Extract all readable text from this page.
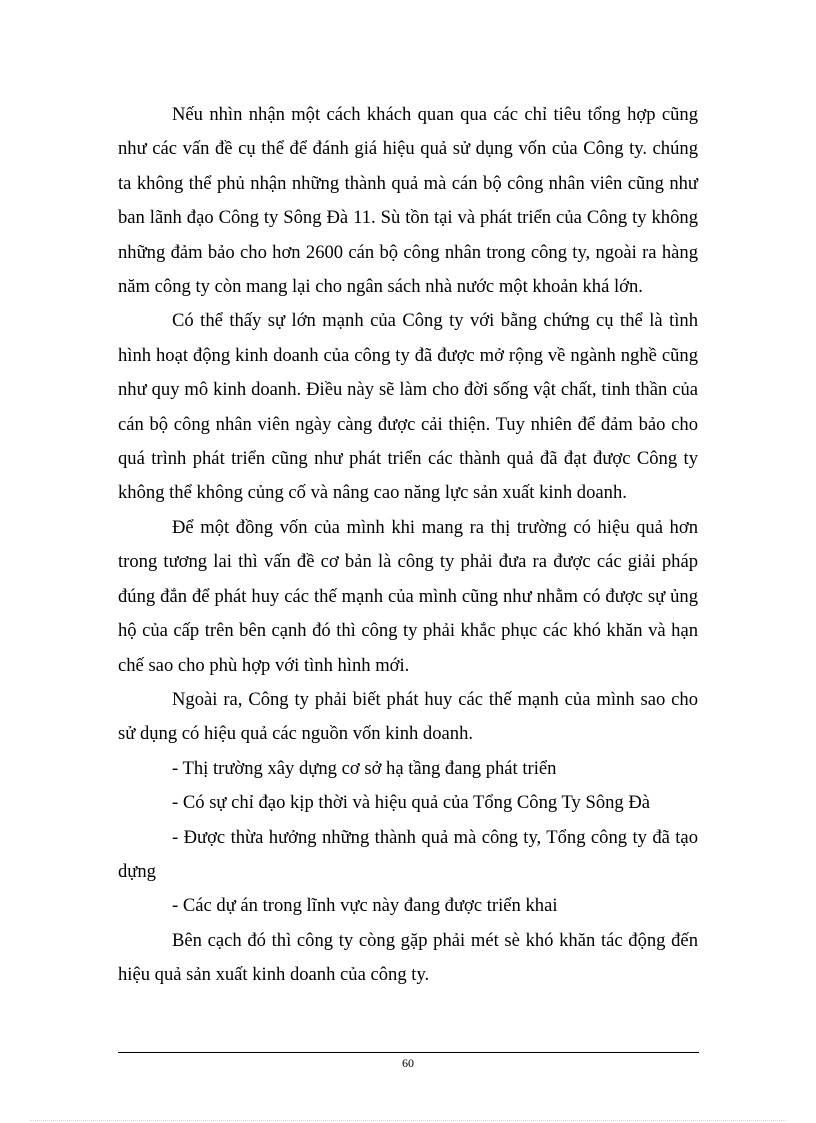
Nếu nhìn nhận một cách khách quan qua các chỉ tiêu tổng hợp cũng như các vấn đề cụ thể để đánh giá hiệu quả sử dụng vốn của Công ty. chúng ta không thể phủ nhận những thành quả mà cán bộ công nhân viên cũng như ban lãnh đạo Công ty Sông Đà 11. Sù tồn tại và phát triển của Công ty không những đảm bảo cho hơn 2600 cán bộ công nhân trong công ty, ngoài ra hàng năm công ty còn mang lại cho ngân sách nhà nước một khoản khá lớn.

Có thể thấy sự lớn mạnh của Công ty với bằng chứng cụ thể là tình hình hoạt động kinh doanh của công ty đã được mở rộng về ngành nghề cũng như quy mô kinh doanh. Điều này sẽ làm cho đời sống vật chất, tinh thần của cán bộ công nhân viên ngày càng được cải thiện. Tuy nhiên để đảm bảo cho quá trình phát triển cũng như phát triển các thành quả đã đạt được Công ty không thể không củng cố và nâng cao năng lực sản xuất kinh doanh.

Để một đồng vốn của mình khi mang ra thị trường có hiệu quả hơn trong tương lai thì vấn đề cơ bản là công ty phải đưa ra được các giải pháp đúng đắn để phát huy các thế mạnh của mình cũng như nhằm có được sự ủng hộ của cấp trên bên cạnh đó thì công ty phải khắc phục các khó khăn và hạn chế sao cho phù hợp với tình hình mới.

Ngoài ra, Công ty phải biết phát huy các thế mạnh của mình sao cho sử dụng có hiệu quả các nguồn vốn kinh doanh.

- Thị trường xây dựng cơ sở hạ tầng đang phát triển

- Có sự chỉ đạo kịp thời và hiệu quả của Tổng Công Ty Sông Đà

- Được thừa hưởng những thành quả mà công ty, Tổng công ty đã tạo dựng

- Các dự án trong lĩnh vực này đang được triển khai

Bên cạch đó thì công ty còng gặp phải mét sè khó khăn tác động đến hiệu quả sản xuất kinh doanh của công ty.

60
